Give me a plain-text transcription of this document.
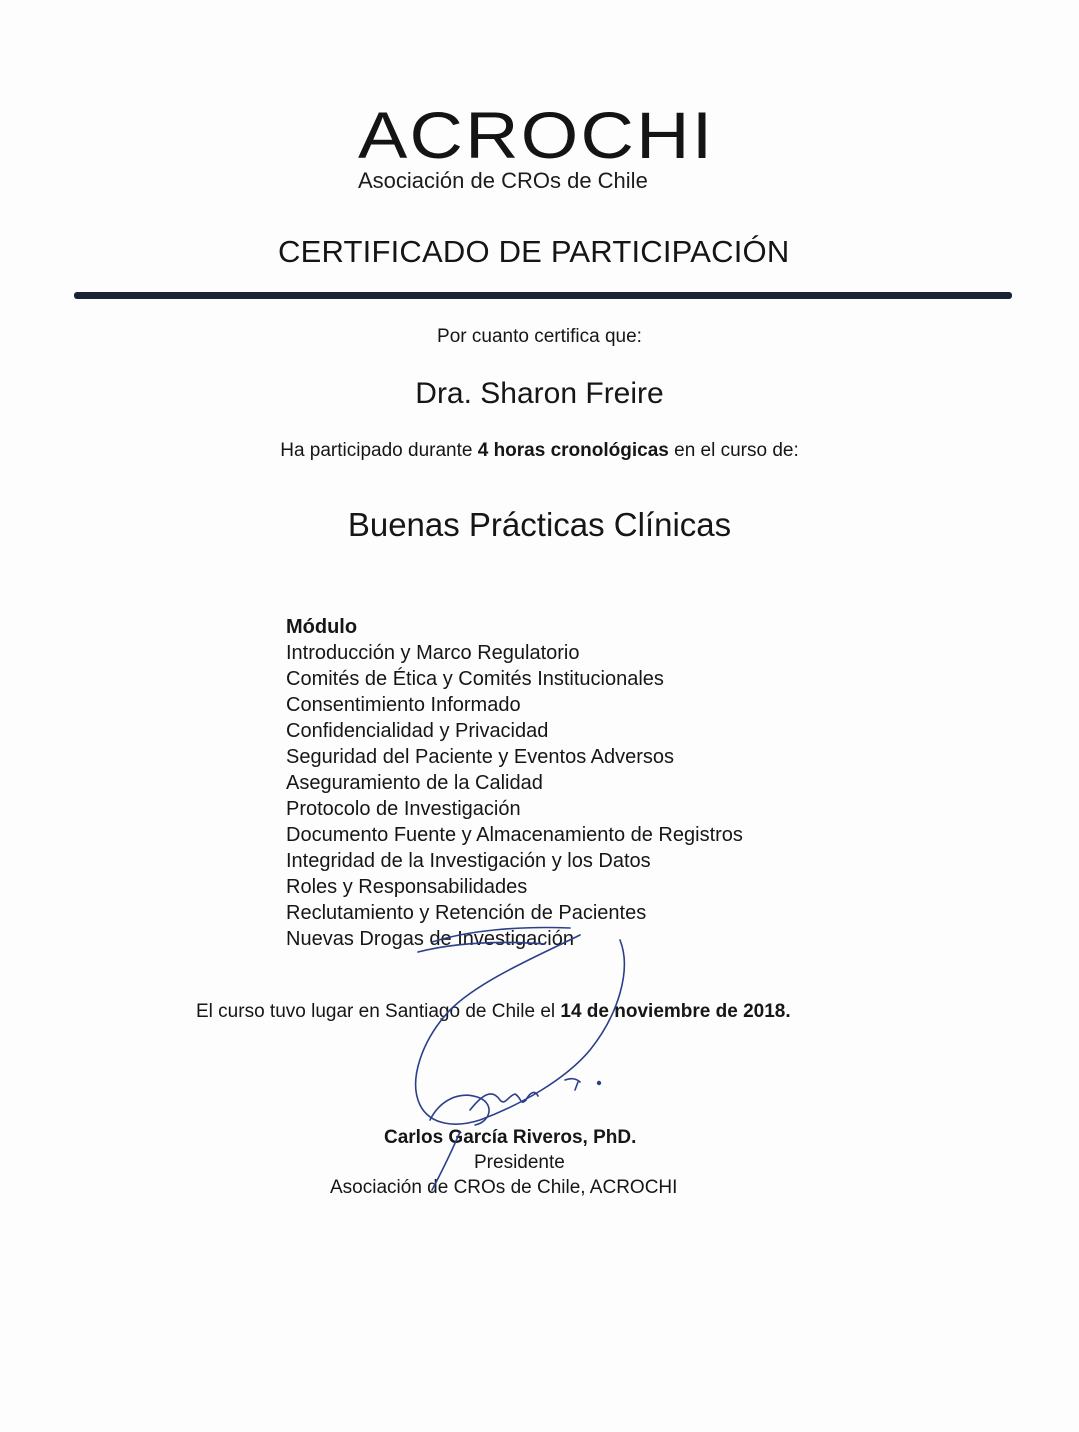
ACROCHI
Asociación de CROs de Chile
CERTIFICADO DE PARTICIPACIÓN
Por cuanto certifica que:
Dra. Sharon Freire
Ha participado durante 4 horas cronológicas en el curso de:
Buenas Prácticas Clínicas
Módulo
Introducción y Marco Regulatorio
Comités de Ética y Comités Institucionales
Consentimiento Informado
Confidencialidad y Privacidad
Seguridad del Paciente y Eventos Adversos
Aseguramiento de la Calidad
Protocolo de Investigación
Documento Fuente y Almacenamiento de Registros
Integridad de la Investigación y los Datos
Roles y Responsabilidades
Reclutamiento y Retención de Pacientes
Nuevas Drogas de Investigación
El curso tuvo lugar en Santiago de Chile el 14 de noviembre de 2018.
Carlos García Riveros, PhD.
Presidente
Asociación de CROs de Chile, ACROCHI
